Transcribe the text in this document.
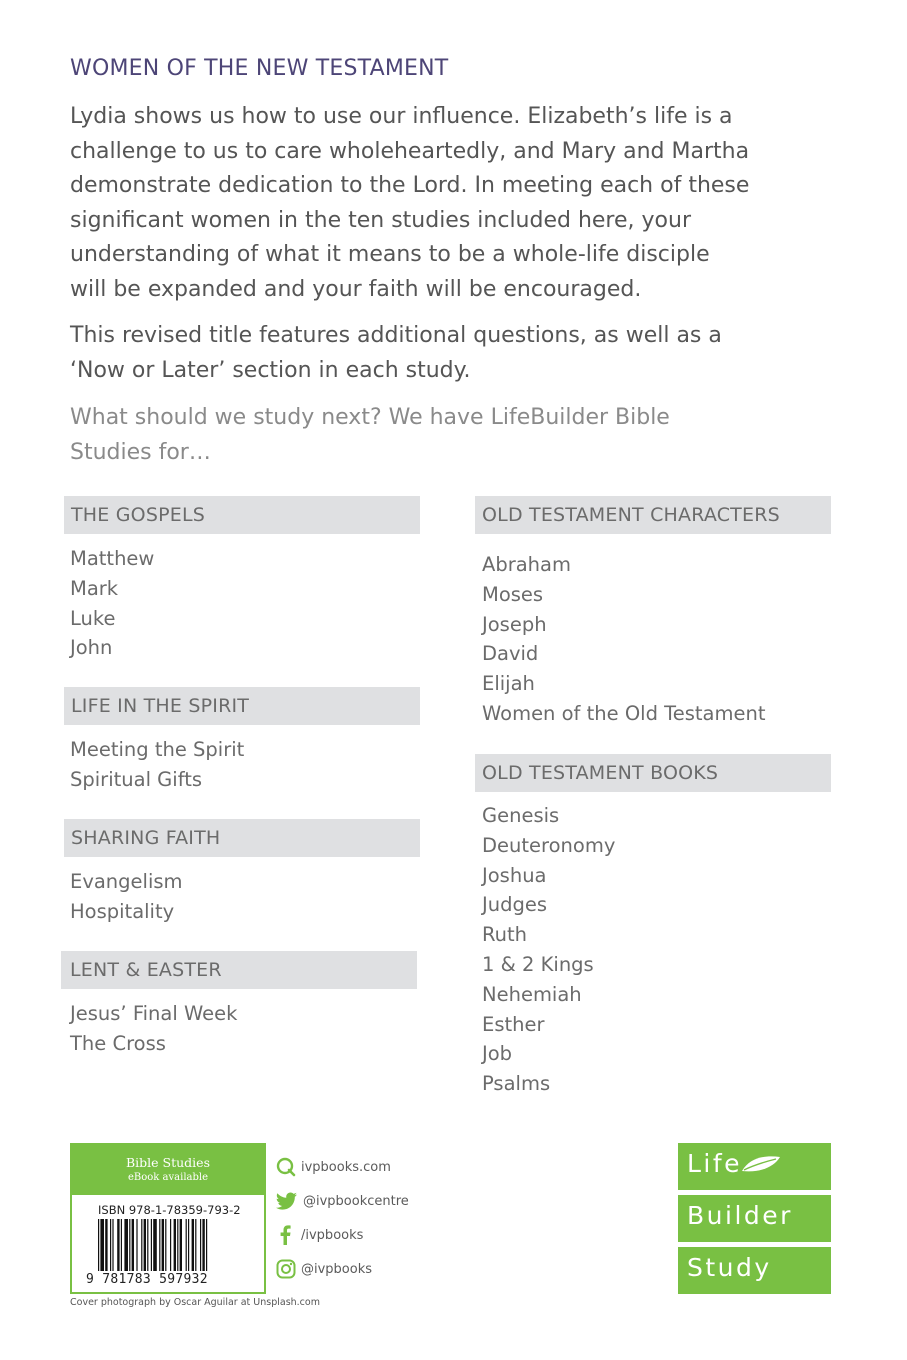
WOMEN OF THE NEW TESTAMENT
Lydia shows us how to use our influence. Elizabeth’s life is a
challenge to us to care wholeheartedly, and Mary and Martha
demonstrate dedication to the Lord. In meeting each of these
significant women in the ten studies included here, your
understanding of what it means to be a whole-life disciple
will be expanded and your faith will be encouraged.
This revised title features additional questions, as well as a
‘Now or Later’ section in each study.
What should we study next? We have LifeBuilder Bible
Studies for…
THE GOSPELS
Matthew
Mark
Luke
John
LIFE IN THE SPIRIT
Meeting the Spirit
Spiritual Gifts
SHARING FAITH
Evangelism
Hospitality
LENT & EASTER
Jesus’ Final Week
The Cross
OLD TESTAMENT CHARACTERS
Abraham
Moses
Joseph
David
Elijah
Women of the Old Testament
OLD TESTAMENT BOOKS
Genesis
Deuteronomy
Joshua
Judges
Ruth
1 & 2 Kings
Nehemiah
Esther
Job
Psalms
Bible Studies
eBook available
ISBN 978-1-78359-793-2
9 781783 597932
ivpbooks.com
@ivpbookcentre
/ivpbooks
@ivpbooks
Cover photograph by Oscar Aguilar at Unsplash.com
Life
Builder
Study
